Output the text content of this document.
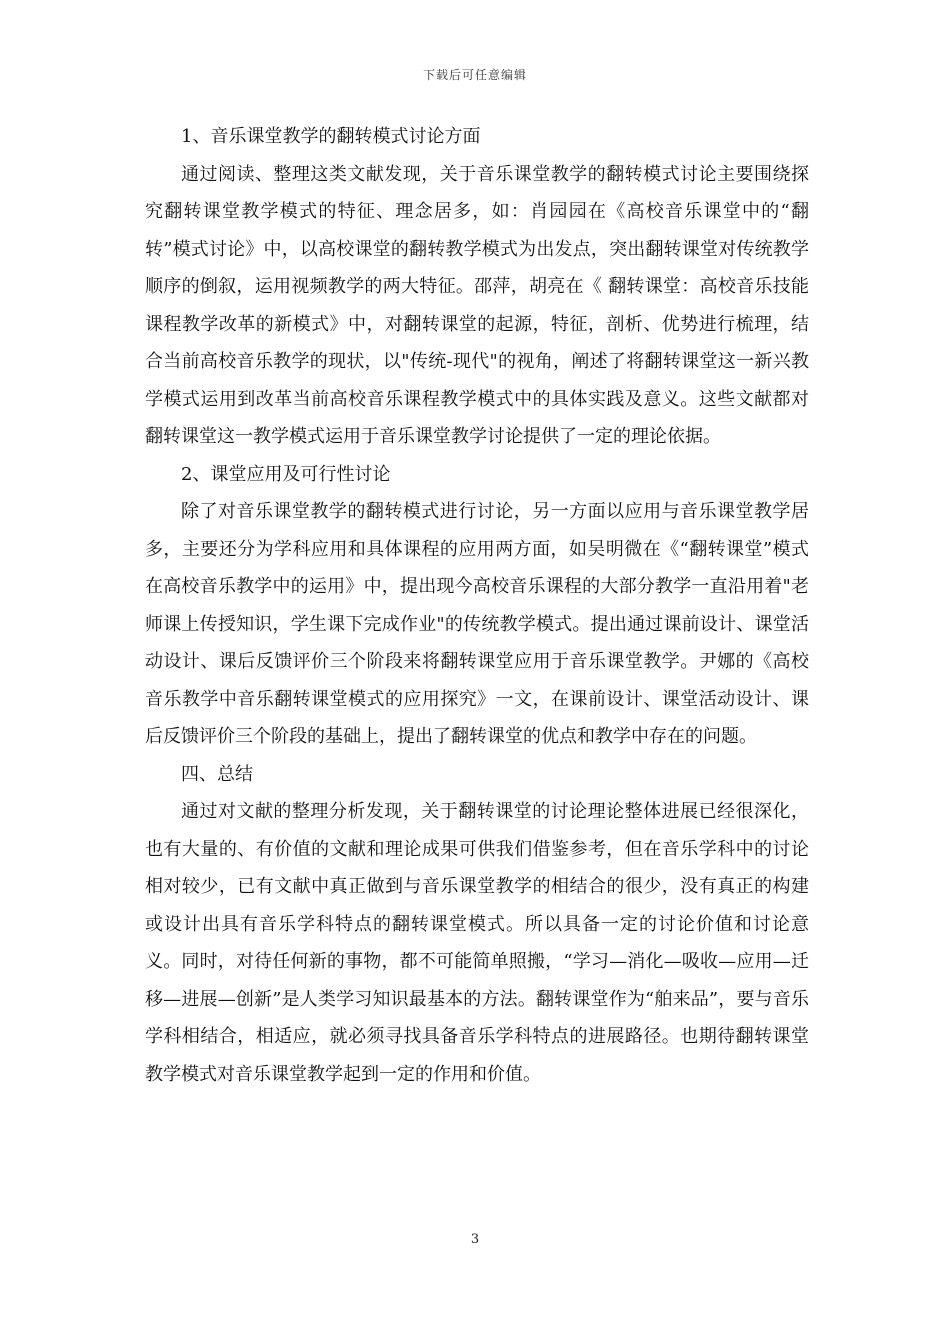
下载后可任意编辑

1、音乐课堂教学的翻转模式讨论方面

通过阅读、整理这类文献发现，关于音乐课堂教学的翻转模式讨论主要围绕探究翻转课堂教学模式的特征、理念居多，如：肖园园在《高校音乐课堂中的“翻转”模式讨论》中，以高校课堂的翻转教学模式为出发点，突出翻转课堂对传统教学顺序的倒叙，运用视频教学的两大特征。邵萍，胡亮在《 翻转课堂：高校音乐技能课程教学改革的新模式》中，对翻转课堂的起源，特征，剖析、优势进行梳理，结合当前高校音乐教学的现状，以"传统-现代"的视角，阐述了将翻转课堂这一新兴教学模式运用到改革当前高校音乐课程教学模式中的具体实践及意义。这些文献都对翻转课堂这一教学模式运用于音乐课堂教学讨论提供了一定的理论依据。

2、课堂应用及可行性讨论

除了对音乐课堂教学的翻转模式进行讨论，另一方面以应用与音乐课堂教学居多，主要还分为学科应用和具体课程的应用两方面，如吴明微在《“翻转课堂”模式在高校音乐教学中的运用》中，提出现今高校音乐课程的大部分教学一直沿用着"老师课上传授知识，学生课下完成作业"的传统教学模式。提出通过课前设计、课堂活动设计、课后反馈评价三个阶段来将翻转课堂应用于音乐课堂教学。尹娜的《高校音乐教学中音乐翻转课堂模式的应用探究》一文，在课前设计、课堂活动设计、课后反馈评价三个阶段的基础上，提出了翻转课堂的优点和教学中存在的问题。

四、总结

通过对文献的整理分析发现，关于翻转课堂的讨论理论整体进展已经很深化，也有大量的、有价值的文献和理论成果可供我们借鉴参考，但在音乐学科中的讨论相对较少，已有文献中真正做到与音乐课堂教学的相结合的很少，没有真正的构建或设计出具有音乐学科特点的翻转课堂模式。所以具备一定的讨论价值和讨论意义。同时，对待任何新的事物，都不可能简单照搬，“学习—消化—吸收—应用—迁移—进展—创新”是人类学习知识最基本的方法。翻转课堂作为“舶来品”，要与音乐学科相结合，相适应，就必须寻找具备音乐学科特点的进展路径。也期待翻转课堂教学模式对音乐课堂教学起到一定的作用和价值。

3
